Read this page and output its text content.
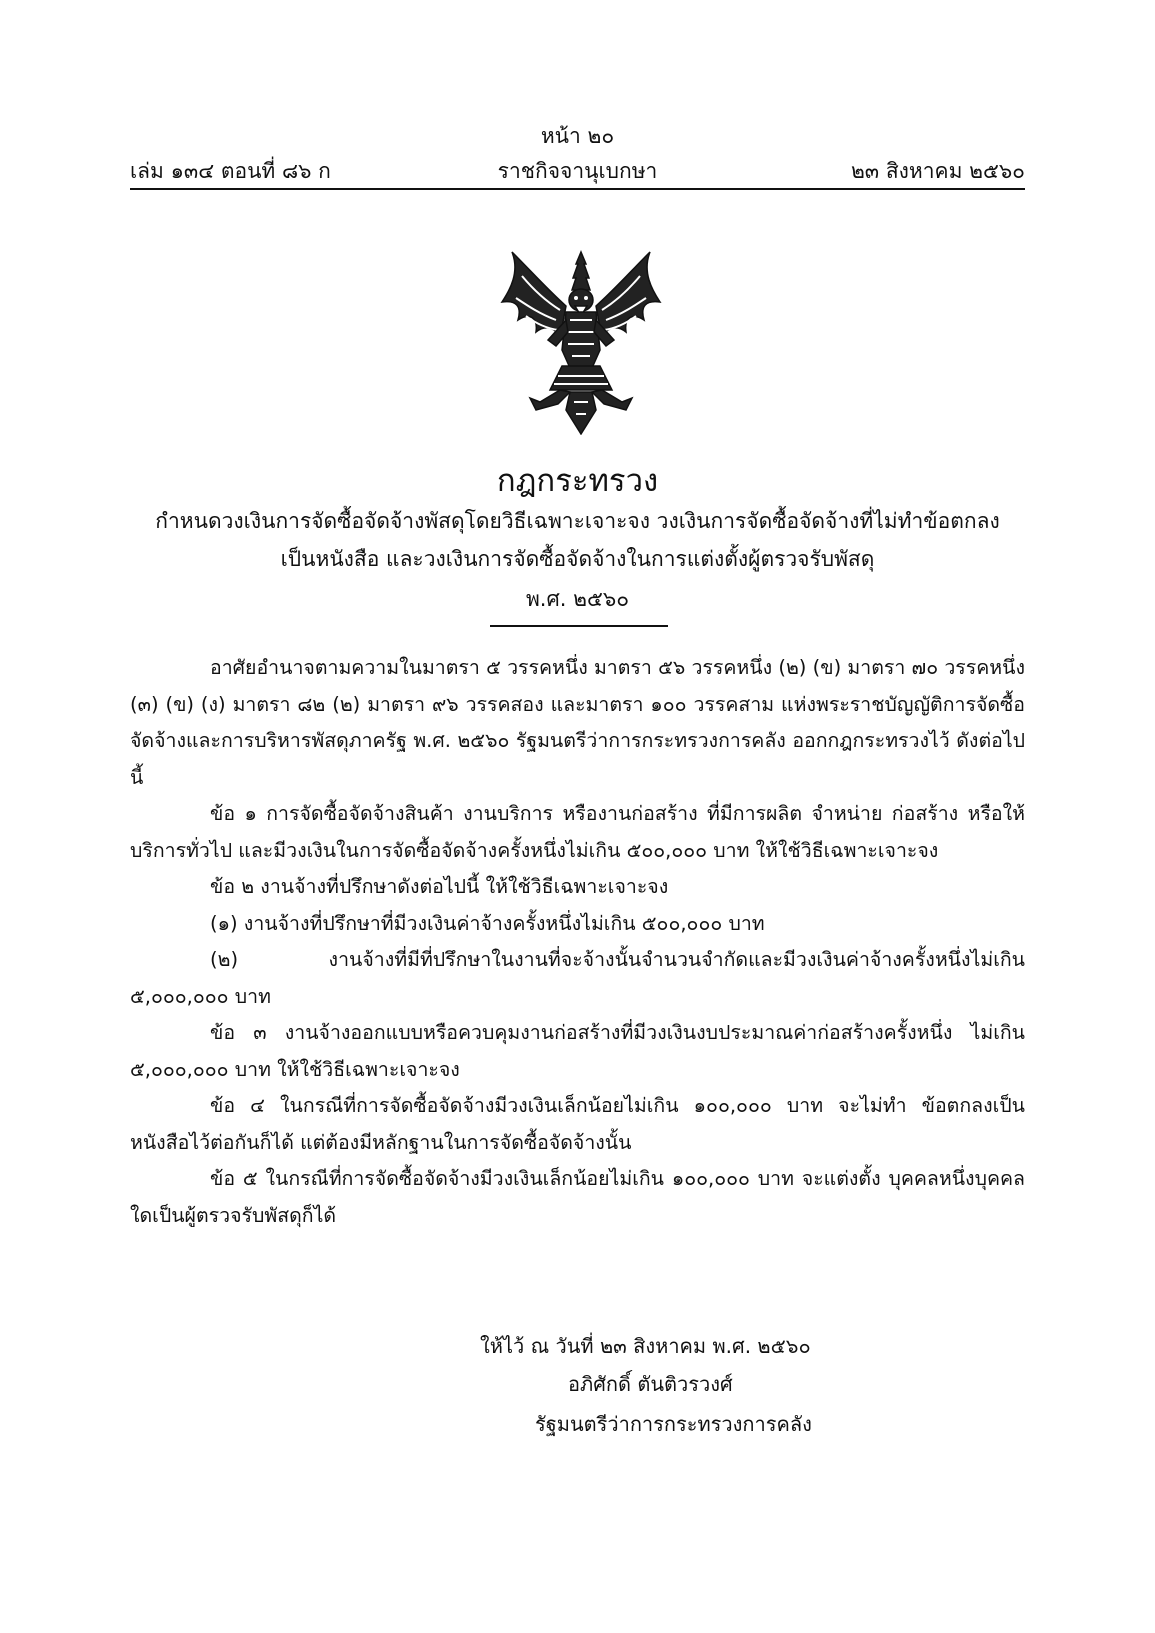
หน้า ๒๐
เล่ม ๑๓๔ ตอนที่ ๘๖ ก	ราชกิจจานุเบกษา	๒๓ สิงหาคม ๒๕๖๐
กฎกระทรวง
กำหนดวงเงินการจัดซื้อจัดจ้างพัสดุโดยวิธีเฉพาะเจาะจง วงเงินการจัดซื้อจัดจ้างที่ไม่ทำข้อตกลง
เป็นหนังสือ และวงเงินการจัดซื้อจัดจ้างในการแต่งตั้งผู้ตรวจรับพัสดุ
พ.ศ. ๒๕๖๐

อาศัยอำนาจตามความในมาตรา ๕ วรรคหนึ่ง มาตรา ๕๖ วรรคหนึ่ง (๒) (ข) มาตรา ๗๐ วรรคหนึ่ง (๓) (ข) (ง) มาตรา ๘๒ (๒) มาตรา ๙๖ วรรคสอง และมาตรา ๑๐๐ วรรคสาม แห่งพระราชบัญญัติการจัดซื้อจัดจ้างและการบริหารพัสดุภาครัฐ พ.ศ. ๒๕๖๐ รัฐมนตรีว่าการกระทรวงการคลัง ออกกฎกระทรวงไว้ ดังต่อไปนี้

ข้อ ๑ การจัดซื้อจัดจ้างสินค้า งานบริการ หรืองานก่อสร้าง ที่มีการผลิต จำหน่าย ก่อสร้าง หรือให้บริการทั่วไป และมีวงเงินในการจัดซื้อจัดจ้างครั้งหนึ่งไม่เกิน ๕๐๐,๐๐๐ บาท ให้ใช้วิธีเฉพาะเจาะจง

ข้อ ๒ งานจ้างที่ปรึกษาดังต่อไปนี้ ให้ใช้วิธีเฉพาะเจาะจง

(๑) งานจ้างที่ปรึกษาที่มีวงเงินค่าจ้างครั้งหนึ่งไม่เกิน ๕๐๐,๐๐๐ บาท

(๒) งานจ้างที่มีที่ปรึกษาในงานที่จะจ้างนั้นจำนวนจำกัดและมีวงเงินค่าจ้างครั้งหนึ่งไม่เกิน ๕,๐๐๐,๐๐๐ บาท

ข้อ ๓ งานจ้างออกแบบหรือควบคุมงานก่อสร้างที่มีวงเงินงบประมาณค่าก่อสร้างครั้งหนึ่ง ไม่เกิน ๕,๐๐๐,๐๐๐ บาท ให้ใช้วิธีเฉพาะเจาะจง

ข้อ ๔ ในกรณีที่การจัดซื้อจัดจ้างมีวงเงินเล็กน้อยไม่เกิน ๑๐๐,๐๐๐ บาท จะไม่ทำ ข้อตกลงเป็นหนังสือไว้ต่อกันก็ได้ แต่ต้องมีหลักฐานในการจัดซื้อจัดจ้างนั้น

ข้อ ๕ ในกรณีที่การจัดซื้อจัดจ้างมีวงเงินเล็กน้อยไม่เกิน ๑๐๐,๐๐๐ บาท จะแต่งตั้ง บุคคลหนึ่งบุคคลใดเป็นผู้ตรวจรับพัสดุก็ได้

ให้ไว้ ณ วันที่ ๒๓ สิงหาคม พ.ศ. ๒๕๖๐
อภิศักดิ์ ตันติวรวงศ์
รัฐมนตรีว่าการกระทรวงการคลัง
